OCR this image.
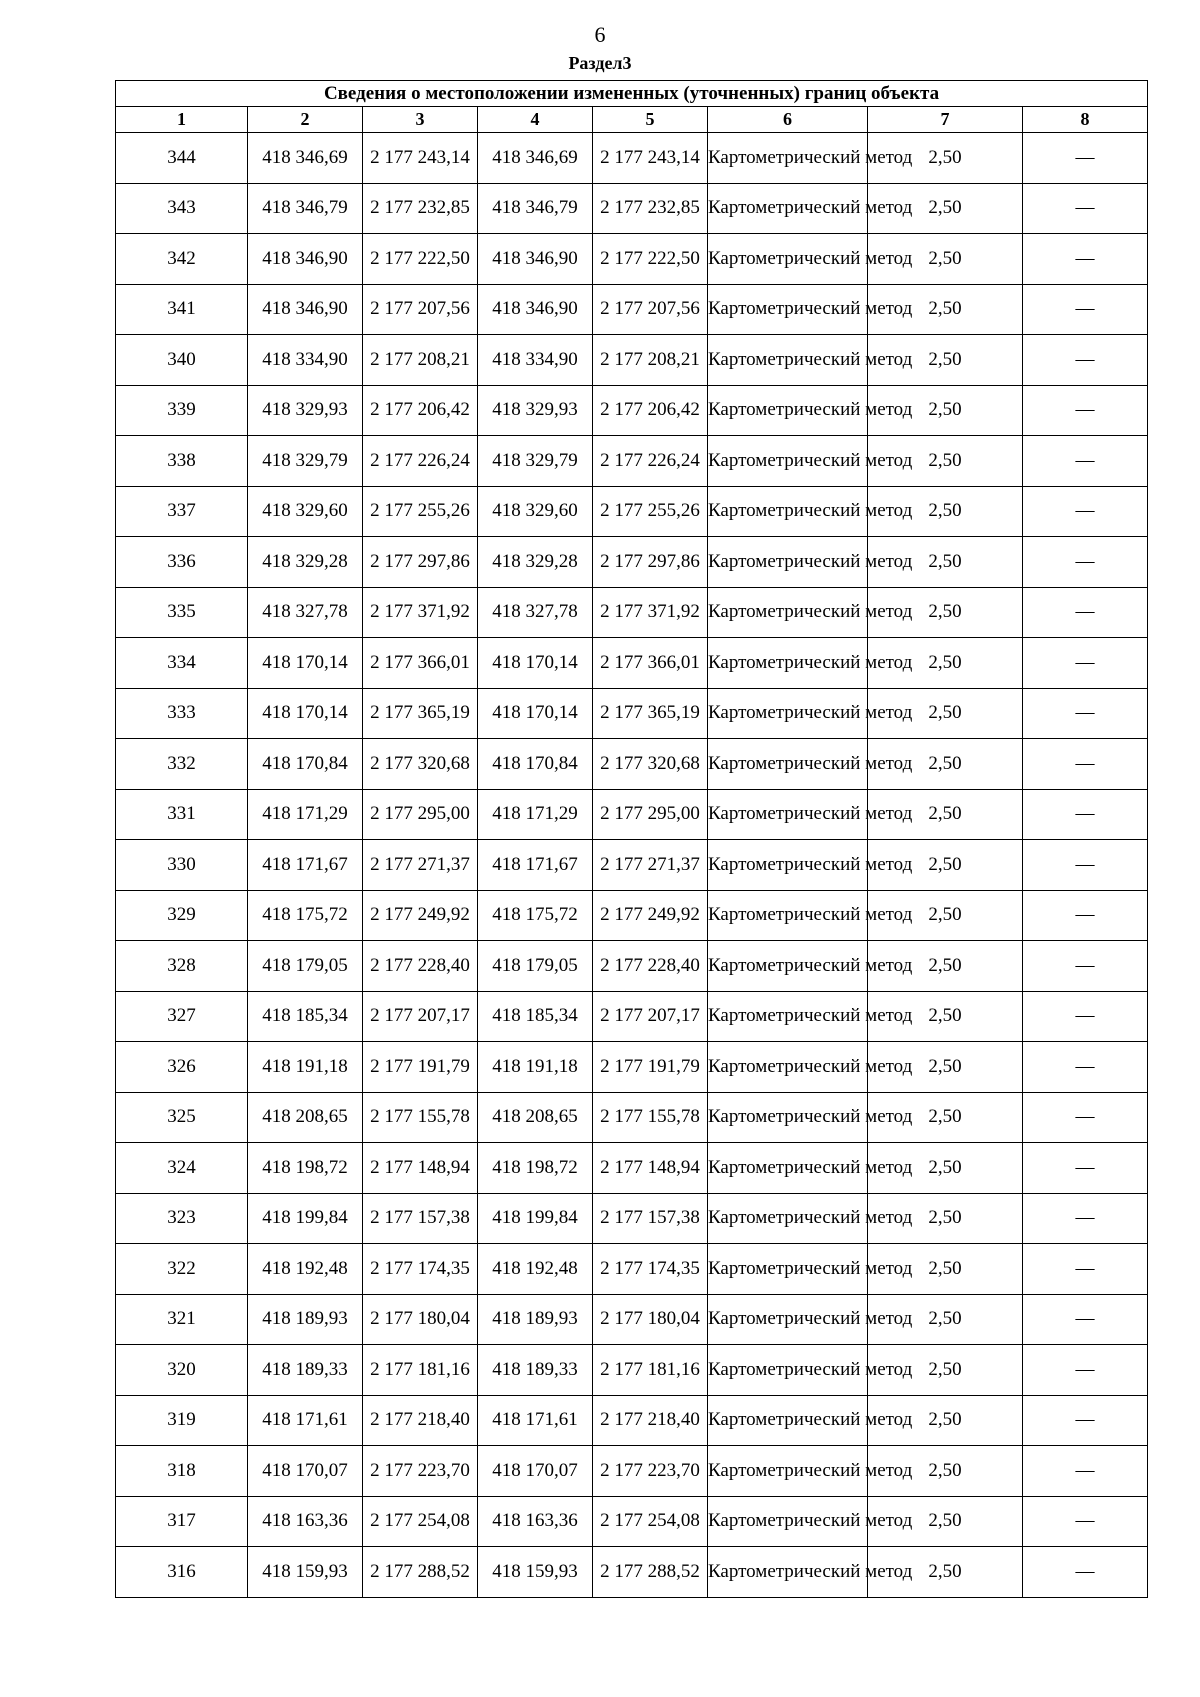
6
Раздел3
Сведения о местоположении измененных (уточненных) границ объекта							
1	2	3	4	5	6	7	8
344	418 346,69	2 177 243,14	418 346,69	2 177 243,14	Картометрический метод	2,50	—
343	418 346,79	2 177 232,85	418 346,79	2 177 232,85	Картометрический метод	2,50	—
342	418 346,90	2 177 222,50	418 346,90	2 177 222,50	Картометрический метод	2,50	—
341	418 346,90	2 177 207,56	418 346,90	2 177 207,56	Картометрический метод	2,50	—
340	418 334,90	2 177 208,21	418 334,90	2 177 208,21	Картометрический метод	2,50	—
339	418 329,93	2 177 206,42	418 329,93	2 177 206,42	Картометрический метод	2,50	—
338	418 329,79	2 177 226,24	418 329,79	2 177 226,24	Картометрический метод	2,50	—
337	418 329,60	2 177 255,26	418 329,60	2 177 255,26	Картометрический метод	2,50	—
336	418 329,28	2 177 297,86	418 329,28	2 177 297,86	Картометрический метод	2,50	—
335	418 327,78	2 177 371,92	418 327,78	2 177 371,92	Картометрический метод	2,50	—
334	418 170,14	2 177 366,01	418 170,14	2 177 366,01	Картометрический метод	2,50	—
333	418 170,14	2 177 365,19	418 170,14	2 177 365,19	Картометрический метод	2,50	—
332	418 170,84	2 177 320,68	418 170,84	2 177 320,68	Картометрический метод	2,50	—
331	418 171,29	2 177 295,00	418 171,29	2 177 295,00	Картометрический метод	2,50	—
330	418 171,67	2 177 271,37	418 171,67	2 177 271,37	Картометрический метод	2,50	—
329	418 175,72	2 177 249,92	418 175,72	2 177 249,92	Картометрический метод	2,50	—
328	418 179,05	2 177 228,40	418 179,05	2 177 228,40	Картометрический метод	2,50	—
327	418 185,34	2 177 207,17	418 185,34	2 177 207,17	Картометрический метод	2,50	—
326	418 191,18	2 177 191,79	418 191,18	2 177 191,79	Картометрический метод	2,50	—
325	418 208,65	2 177 155,78	418 208,65	2 177 155,78	Картометрический метод	2,50	—
324	418 198,72	2 177 148,94	418 198,72	2 177 148,94	Картометрический метод	2,50	—
323	418 199,84	2 177 157,38	418 199,84	2 177 157,38	Картометрический метод	2,50	—
322	418 192,48	2 177 174,35	418 192,48	2 177 174,35	Картометрический метод	2,50	—
321	418 189,93	2 177 180,04	418 189,93	2 177 180,04	Картометрический метод	2,50	—
320	418 189,33	2 177 181,16	418 189,33	2 177 181,16	Картометрический метод	2,50	—
319	418 171,61	2 177 218,40	418 171,61	2 177 218,40	Картометрический метод	2,50	—
318	418 170,07	2 177 223,70	418 170,07	2 177 223,70	Картометрический метод	2,50	—
317	418 163,36	2 177 254,08	418 163,36	2 177 254,08	Картометрический метод	2,50	—
316	418 159,93	2 177 288,52	418 159,93	2 177 288,52	Картометрический метод	2,50	—
